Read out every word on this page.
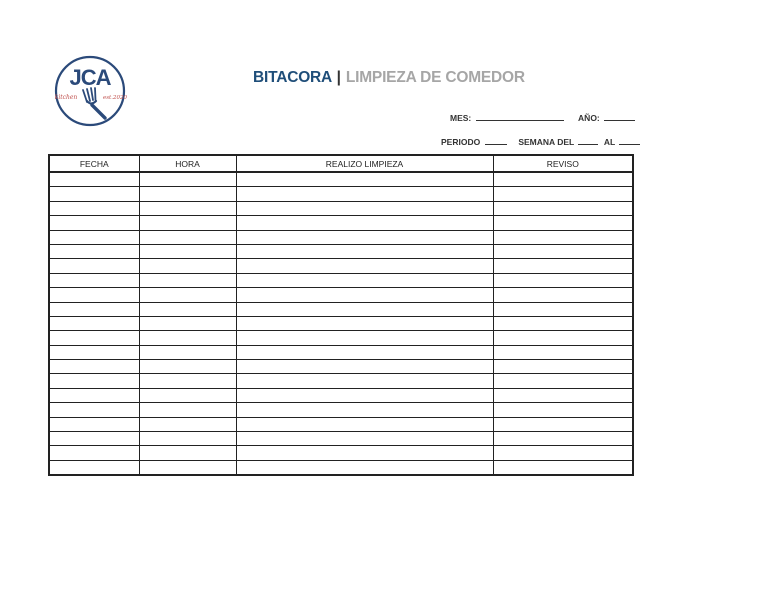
JCA
kitchen	est.2020
BITACORA | LIMPIEZA DE COMEDOR
MES:	AÑO:
PERIODO	SEMANA DEL	AL
FECHA	HORA	REALIZO LIMPIEZA	REVISO
